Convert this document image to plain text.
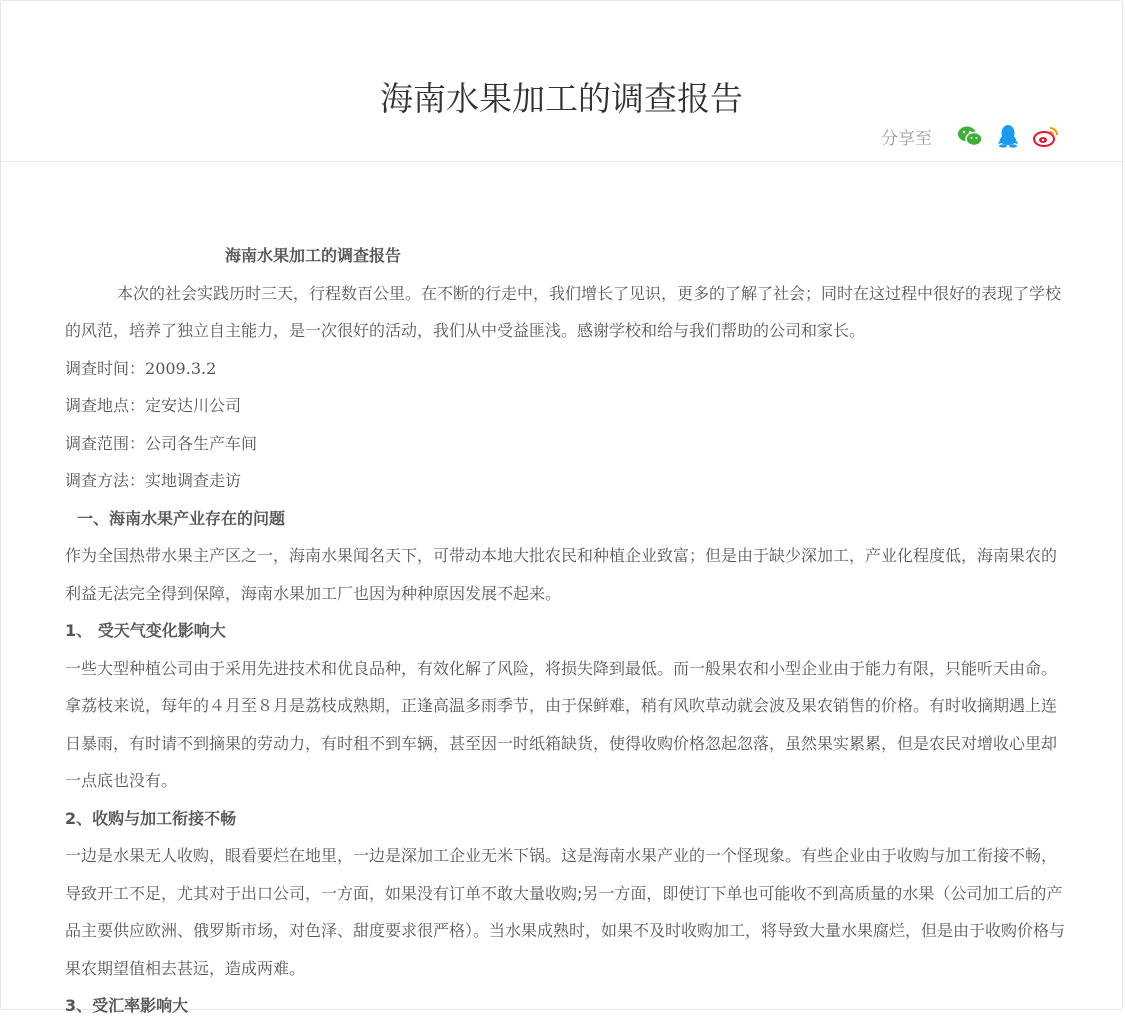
海南水果加工的调查报告
分享至

海南水果加工的调查报告

本次的社会实践历时三天，行程数百公里。在不断的行走中，我们增长了见识，更多的了解了社会；同时在这过程中很好的表现了学校的风范，培养了独立自主能力，是一次很好的活动，我们从中受益匪浅。感谢学校和给与我们帮助的公司和家长。

调查时间：2009.3.2

调查地点：定安达川公司

调查范围：公司各生产车间

调查方法：实地调查走访

一、海南水果产业存在的问题

作为全国热带水果主产区之一，海南水果闻名天下，可带动本地大批农民和种植企业致富；但是由于缺少深加工，产业化程度低，海南果农的利益无法完全得到保障，海南水果加工厂也因为种种原因发展不起来。

1、 受天气变化影响大

一些大型种植公司由于采用先进技术和优良品种，有效化解了风险，将损失降到最低。而一般果农和小型企业由于能力有限，只能听天由命。拿荔枝来说，每年的４月至８月是荔枝成熟期，正逢高温多雨季节，由于保鲜难，稍有风吹草动就会波及果农销售的价格。有时收摘期遇上连日暴雨，有时请不到摘果的劳动力，有时租不到车辆，甚至因一时纸箱缺货，使得收购价格忽起忽落，虽然果实累累，但是农民对增收心里却一点底也没有。

2、收购与加工衔接不畅

一边是水果无人收购，眼看要烂在地里，一边是深加工企业无米下锅。这是海南水果产业的一个怪现象。有些企业由于收购与加工衔接不畅，导致开工不足，尤其对于出口公司，一方面，如果没有订单不敢大量收购;另一方面，即使订下单也可能收不到高质量的水果（公司加工后的产品主要供应欧洲、俄罗斯市场，对色泽、甜度要求很严格）。当水果成熟时，如果不及时收购加工，将导致大量水果腐烂，但是由于收购价格与果农期望值相去甚远，造成两难。

3、受汇率影响大
